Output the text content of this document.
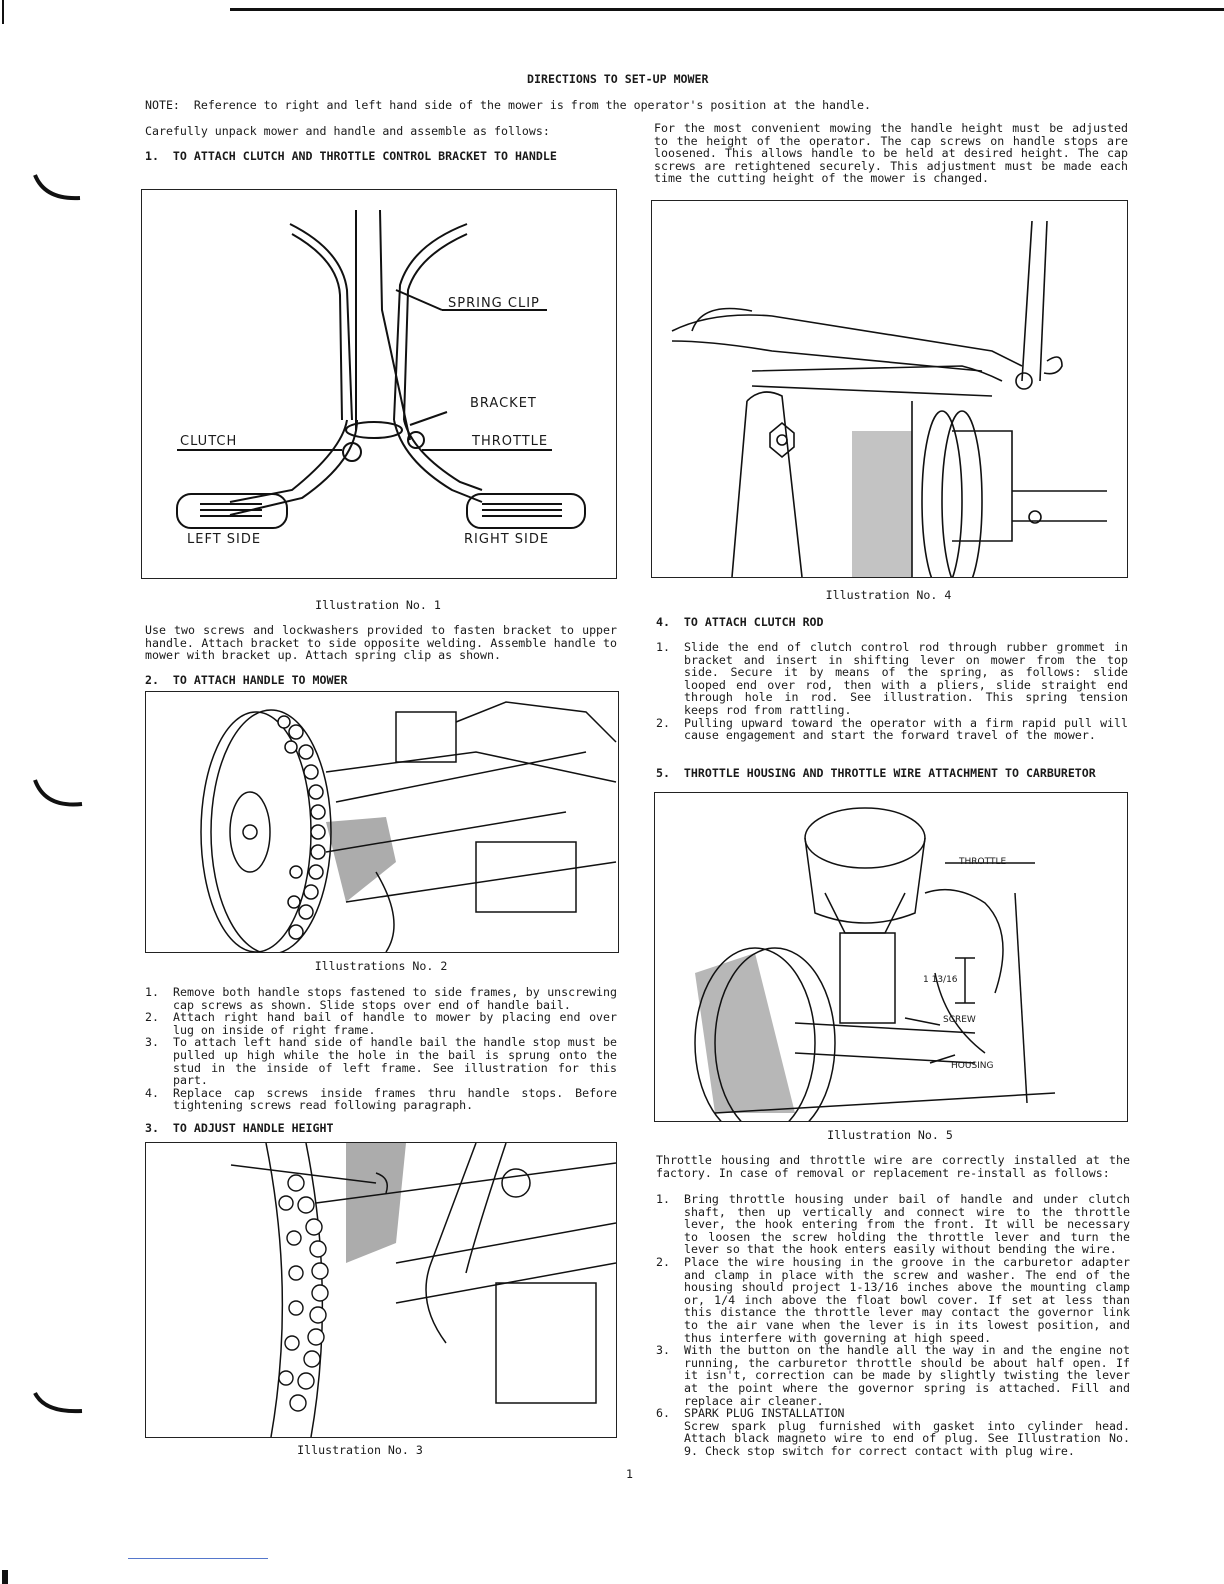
DIRECTIONS TO SET-UP MOWER
NOTE:  Reference to right and left hand side of the mower is from the operator's position at the handle.
Carefully unpack mower and handle and assemble as follows:
1.  TO ATTACH CLUTCH AND THROTTLE CONTROL BRACKET TO HANDLE
SPRING CLIP
BRACKET
CLUTCH	THROTTLE
LEFT SIDE	RIGHT SIDE
Illustration No. 1
Use two screws and lockwashers provided to fasten bracket to upper handle. Attach bracket to side opposite welding. Assemble handle to mower with bracket up. Attach spring clip as shown.
2.  TO ATTACH HANDLE TO MOWER
Illustrations No. 2
1.	Remove both handle stops fastened to side frames, by unscrewing cap screws as shown. Slide stops over end of handle bail.
2.	Attach right hand bail of handle to mower by placing end over lug on inside of right frame.
3.	To attach left hand side of handle bail the handle stop must be pulled up high while the hole in the bail is sprung onto the stud in the inside of left frame. See illustration for this part.
4.	Replace cap screws inside frames thru handle stops. Before tightening screws read following paragraph.
3.  TO ADJUST HANDLE HEIGHT
Illustration No. 3
For the most convenient mowing the handle height must be adjusted to the height of the operator. The cap screws on handle stops are loosened. This allows handle to be held at desired height. The cap screws are retightened securely. This adjustment must be made each time the cutting height of the mower is changed.
Illustration No. 4
4.  TO ATTACH CLUTCH ROD
1.	Slide the end of clutch control rod through rubber grommet in bracket and insert in shifting lever on mower from the top side. Secure it by means of the spring, as follows: slide looped end over rod, then with a pliers, slide straight end through hole in rod. See illustration. This spring tension keeps rod from rattling.
2.	Pulling upward toward the operator with a firm rapid pull will cause engagement and start the forward travel of the mower.
5.  THROTTLE HOUSING AND THROTTLE WIRE ATTACHMENT TO CARBURETOR
THROTTLE
1 13/16
SCREW
HOUSING
Illustration No. 5
Throttle housing and throttle wire are correctly installed at the factory. In case of removal or replacement re-install as follows:
1.	Bring throttle housing under bail of handle and under clutch shaft, then up vertically and connect wire to the throttle lever, the hook entering from the front. It will be necessary to loosen the screw holding the throttle lever and turn the lever so that the hook enters easily without bending the wire.
2.	Place the wire housing in the groove in the carburetor adapter and clamp in place with the screw and washer. The end of the housing should project 1-13/16 inches above the mounting clamp or, 1/4 inch above the float bowl cover. If set at less than this distance the throttle lever may contact the governor link to the air vane when the lever is in its lowest position, and thus interfere with governing at high speed.
3.	With the button on the handle all the way in and the engine not running, the carburetor throttle should be about half open. If it isn't, correction can be made by slightly twisting the lever at the point where the governor spring is attached. Fill and replace air cleaner.
6.	SPARK PLUG INSTALLATION
Screw spark plug furnished with gasket into cylinder head. Attach black magneto wire to end of plug. See Illustration No. 9. Check stop switch for correct contact with plug wire.
1
